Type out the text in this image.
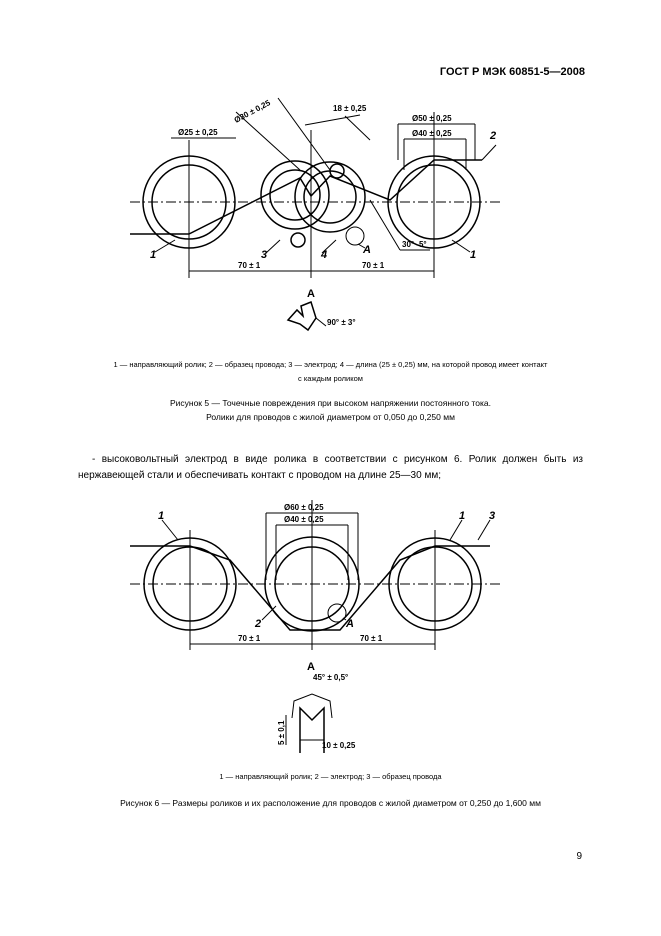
ГОСТ Р МЭК 60851-5—2008
Ø25 ± 0,25
Ø30 ± 0,25	18 ± 0,25
Ø50 ± 0,25
Ø40 ± 0,25
70 ± 1	70 ± 1
30° -5°
1	1
2
3	4	A
A
90° ± 3°
1 — направляющий ролик; 2 — образец провода; 3 — электрод; 4 — длина (25 ± 0,25) мм, на которой провод имеет контакт
с каждым роликом
Рисунок 5 — Точечные повреждения при высоком напряжении постоянного тока.
Ролики для проводов с жилой диаметром от 0,050 до 0,250 мм
- высоковольтный электрод в виде ролика в соответствии с рисунком 6. Ролик должен быть из нержавеющей стали и обеспечивать контакт с проводом на длине 25—30 мм;
Ø60 ± 0,25
Ø40 ± 0,25
70 ± 1	70 ± 1
1	1 3
2	A
A
45° ± 0,5°
5 ± 0,1
10 ± 0,25
1 — направляющий ролик; 2 — электрод; 3 — образец провода
Рисунок 6 — Размеры роликов и их расположение для проводов с жилой диаметром от 0,250 до 1,600 мм
9
